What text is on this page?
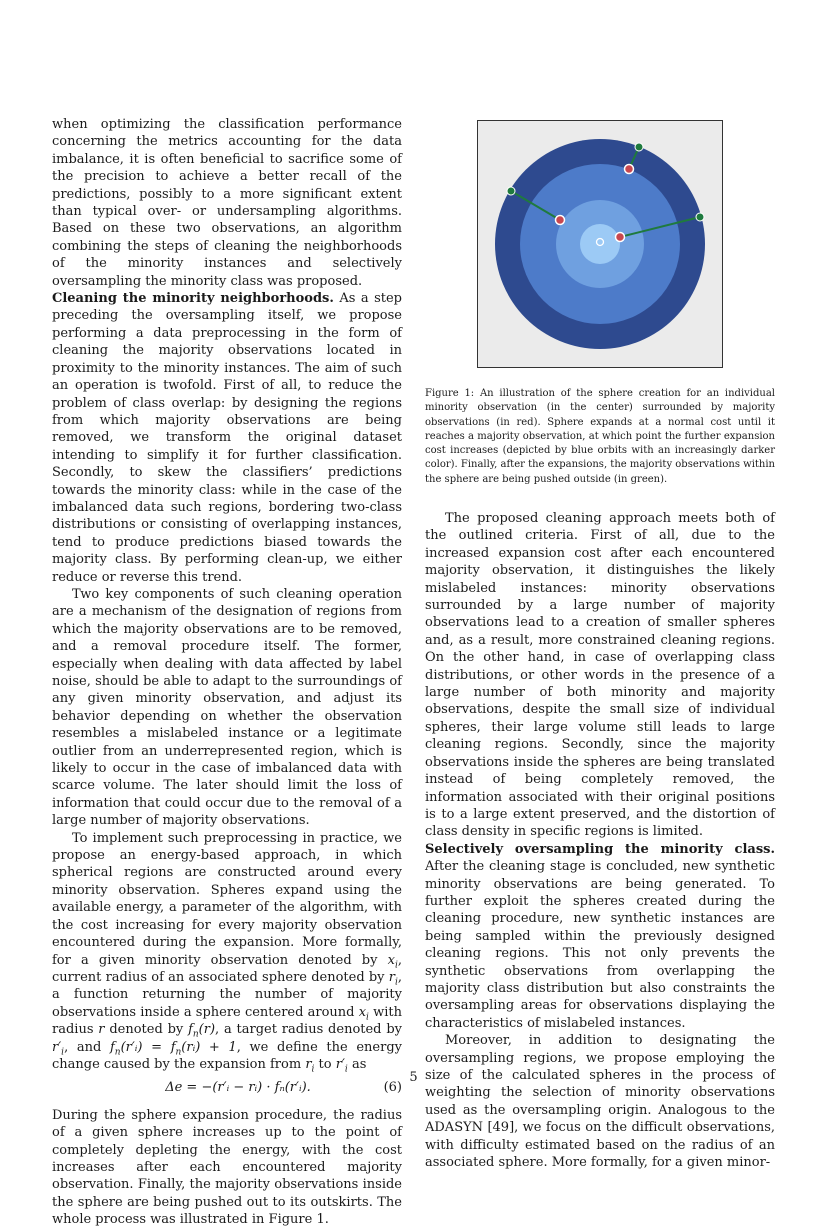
when optimizing the classification performance concerning the metrics accounting for the data imbalance, it is often beneficial to sacrifice some of the precision to achieve a better recall of the predictions, possibly to a more significant extent than typical over- or undersampling algorithms. Based on these two observations, an algorithm combining the steps of cleaning the neighborhoods of the minority instances and selectively oversampling the minority class was proposed.

Cleaning the minority neighborhoods. As a step preceding the oversampling itself, we propose performing a data preprocessing in the form of cleaning the majority observations located in proximity to the minority instances. The aim of such an operation is twofold. First of all, to reduce the problem of class overlap: by designing the regions from which majority observations are being removed, we transform the original dataset intending to simplify it for further classification. Secondly, to skew the classifiers’ predictions towards the minority class: while in the case of the imbalanced data such regions, bordering two-class distributions or consisting of overlapping instances, tend to produce predictions biased towards the majority class. By performing clean-up, we either reduce or reverse this trend.

Two key components of such cleaning operation are a mechanism of the designation of regions from which the majority observations are to be removed, and a removal procedure itself. The former, especially when dealing with data affected by label noise, should be able to adapt to the surroundings of any given minority observation, and adjust its behavior depending on whether the observation resembles a mislabeled instance or a legitimate outlier from an underrepresented region, which is likely to occur in the case of imbalanced data with scarce volume. The later should limit the loss of information that could occur due to the removal of a large number of majority observations.

To implement such preprocessing in practice, we propose an energy-based approach, in which spherical regions are constructed around every minority observation. Spheres expand using the available energy, a parameter of the algorithm, with the cost increasing for every majority observation encountered during the expansion. More formally, for a given minority observation denoted by $x_i$, current radius of an associated sphere denoted by $r_i$, a function returning the number of majority observations inside a sphere centered around $x_i$ with radius r denoted by $f_n(r)$, a target radius denoted by $r'_i$, and $f_n(r'ᵢ)$ = $f_n(rᵢ) + 1$, we define the energy change caused by the expansion from $r_i$ to $r'_i$ as

Δe = −(r′ᵢ − rᵢ) · fₙ(r′ᵢ).	(6)

During the sphere expansion procedure, the radius of a given sphere increases up to the point of completely depleting the energy, with the cost increases after each encountered majority observation. Finally, the majority observations inside the sphere are being pushed out to its outskirts. The whole process was illustrated in Figure 1.

Figure 1: An illustration of the sphere creation for an individual minority observation (in the center) surrounded by majority observations (in red). Sphere expands at a normal cost until it reaches a majority observation, at which point the further expansion cost increases (depicted by blue orbits with an increasingly darker color). Finally, after the expansions, the majority observations within the sphere are being pushed outside (in green).

The proposed cleaning approach meets both of the outlined criteria. First of all, due to the increased expansion cost after each encountered majority observation, it distinguishes the likely mislabeled instances: minority observations surrounded by a large number of majority observations lead to a creation of smaller spheres and, as a result, more constrained cleaning regions. On the other hand, in case of overlapping class distributions, or other words in the presence of a large number of both minority and majority observations, despite the small size of individual spheres, their large volume still leads to large cleaning regions. Secondly, since the majority observations inside the spheres are being translated instead of being completely removed, the information associated with their original positions is to a large extent preserved, and the distortion of class density in specific regions is limited.

Selectively oversampling the minority class. After the cleaning stage is concluded, new synthetic minority observations are being generated. To further exploit the spheres created during the cleaning procedure, new synthetic instances are being sampled within the previously designed cleaning regions. This not only prevents the synthetic observations from overlapping the majority class distribution but also constraints the oversampling areas for observations displaying the characteristics of mislabeled instances.

Moreover, in addition to designating the oversampling regions, we propose employing the size of the calculated spheres in the process of weighting the selection of minority observations used as the oversampling origin. Analogous to the ADASYN [49], we focus on the difficult observations, with difficulty estimated based on the radius of an associated sphere. More formally, for a given minor-

5
